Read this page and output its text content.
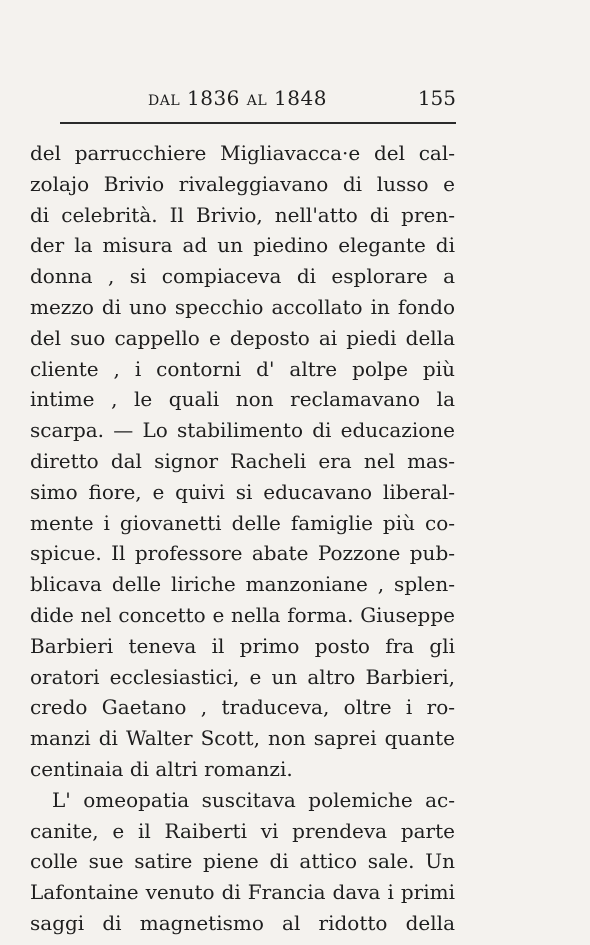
dal 1836 al 1848	155
del parrucchiere Migliavacca·e del cal-
zolajo Brivio rivaleggiavano di lusso e
di celebrità. Il Brivio, nell'atto di pren-
der la misura ad un piedino elegante di
donna , si compiaceva di esplorare a
mezzo di uno specchio accollato in fondo
del suo cappello e deposto ai piedi della
cliente , i contorni d' altre polpe più
intime , le quali non reclamavano la
scarpa. — Lo stabilimento di educazione
diretto dal signor Racheli era nel mas-
simo fiore, e quivi si educavano liberal-
mente i giovanetti delle famiglie più co-
spicue. Il professore abate Pozzone pub-
blicava delle liriche manzoniane , splen-
dide nel concetto e nella forma. Giuseppe
Barbieri teneva il primo posto fra gli
oratori ecclesiastici, e un altro Barbieri,
credo Gaetano , traduceva, oltre i ro-
manzi di Walter Scott, non saprei quante
centinaia di altri romanzi.
L' omeopatia suscitava polemiche ac-
canite, e il Raiberti vi prendeva parte
colle sue satire piene di attico sale. Un
Lafontaine venuto di Francia dava i primi
saggi di magnetismo al ridotto della
